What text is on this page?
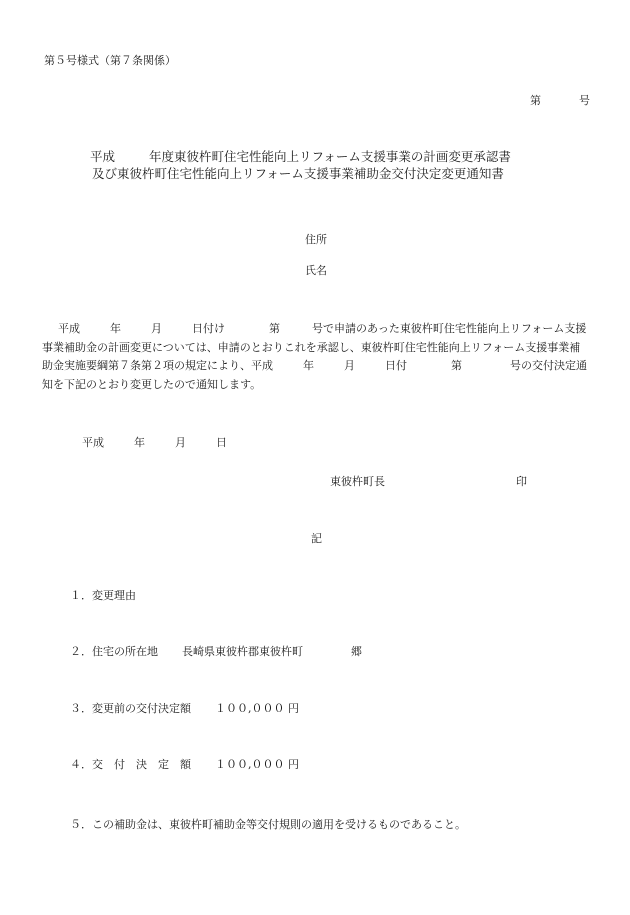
第５号様式（第７条関係）
第	号
平成	年度東彼杵町住宅性能向上リフォーム支援事業の計画変更承認書
及び東彼杵町住宅性能向上リフォーム支援事業補助金交付決定変更通知書
住所
氏名
平成	年	月	日付け	第	号で申請のあった東彼杵町住宅性能向上リフォーム支援事業補助金の計画変更については、申請のとおりこれを承認し、東彼杵町住宅性能向上リフォーム支援事業補助金実施要綱第７条第２項の規定により、平成	年	月	日付	第	号の交付決定通知を下記のとおり変更したので通知します。
平成	年	月	日
東彼杵町長	印
記
１．変更理由
２．住宅の所在地 長崎県東彼杵郡東彼杵町	郷
３．変更前の交付決定額 １００,０００ 円
４．交　付　決　定　額 １００,０００ 円
５．この補助金は、東彼杵町補助金等交付規則の適用を受けるものであること。
